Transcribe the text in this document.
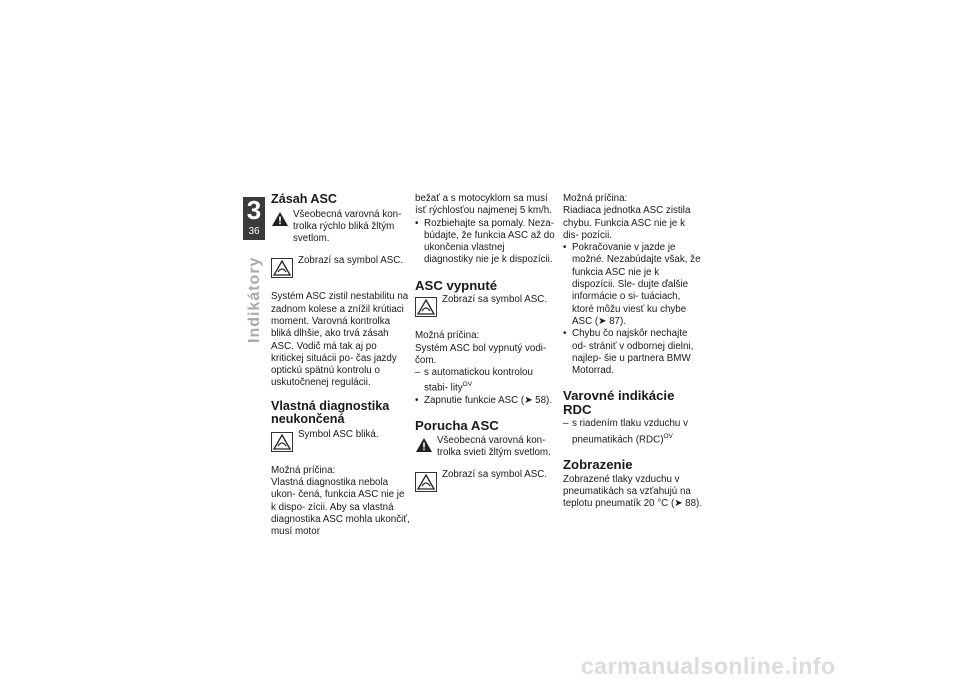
3
36
Indikátory
Zásah ASC

Všeobecná varovná kon- trolka rýchlo bliká žltým svetlom.

Zobrazí sa symbol ASC.

Systém ASC zistil nestabilitu na zadnom kolese a znížil krútiaci moment. Varovná kontrolka bliká dlhšie, ako trvá zásah ASC. Vodič má tak aj po kritickej situácii po- čas jazdy optickú spätnú kontrolu o uskutočnenej regulácii.

Vlastná diagnostika neukončená

Symbol ASC bliká.

Možná príčina:

Vlastná diagnostika nebola ukon- čená, funkcia ASC nie je k dispo- zícii. Aby sa vlastná diagnostika ASC mohla ukončiť, musí motor

bežať a s motocyklom sa musí ísť rýchlosťou najmenej 5 km/h.

• Rozbiehajte sa pomaly. Neza- búdajte, že funkcia ASC až do ukončenia vlastnej diagnostiky nie je k dispozícii.
ASC vypnuté

Zobrazí sa symbol ASC.

Možná príčina:

Systém ASC bol vypnutý vodi- čom.

– s automatickou kontrolou stabi- lity$^{OV}$
• Zapnutie funkcie ASC (➤ 58).
Porucha ASC

Všeobecná varovná kon- trolka svieti žltým svetlom.

Zobrazí sa symbol ASC.

Možná príčina:

Riadiaca jednotka ASC zistila chybu. Funkcia ASC nie je k dis- pozícii.

• Pokračovanie v jazde je možné. Nezabúdajte však, že funkcia ASC nie je k dispozícii. Sle- dujte ďalšie informácie o si- tuáciach, ktoré môžu viesť ku chybe ASC (➤ 87).
• Chybu čo najskôr nechajte od- strániť v odbornej dielni, najlep- šie u partnera BMW Motorrad.
Varovné indikácie RDC
– s riadením tlaku vzduchu v pneumatikách (RDC)$^{OV}$
Zobrazenie

Zobrazené tlaky vzduchu v pneumatikách sa vzťahujú na teplotu pneumatík 20 °C (➤ 88).

carmanualsonline.info
